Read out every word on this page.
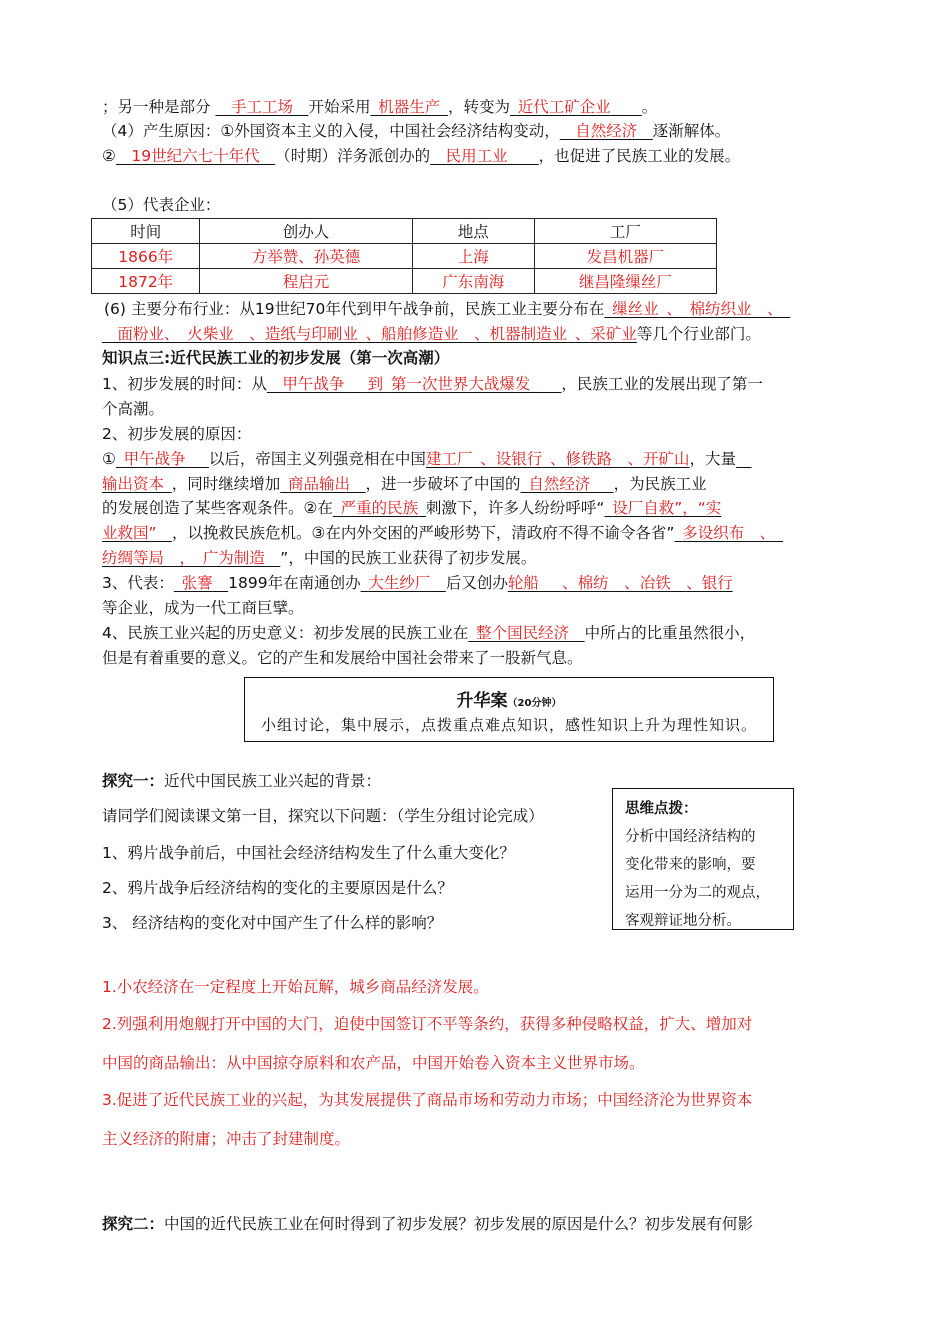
；另一种是部分   手工工场  开始采用  机器生产  ，转变为  近代工矿企业   。
（4）产生原因：①外国资本主义的入侵，中国社会经济结构变动，   自然经济   逐渐解体。
②   19世纪六七十年代   （时期）洋务派创办的  民用工业   ，也促进了民族工业的发展。
（5）代表企业：
时间	创办人	地点	工厂
1866年	方举赞、孙英德	上海	发昌机器厂
1872年	程启元	广东南海	继昌隆缫丝厂
(6) 主要分布行业：从19世纪70年代到甲午战争前，民族工业主要分布在  缫丝业  、  棉纺织业   、 
  面粉业、  火柴业   、造纸与印刷业  、船舶修造业   、机器制造业  、采矿业等几个行业部门。
知识点三:近代民族工业的初步发展（第一次高潮）
1、初步发展的时间：从   甲午战争    到  第一次世界大战爆发   ，民族工业的发展出现了第一
个高潮。
2、初步发展的原因：
①  甲午战争   以后，帝国主义列强竞相在中国建工厂  、设银行  、修铁路   、开矿山，大量  
输出资本  ，同时继续增加  商品输出   ，进一步破坏了中国的  自然经济   ，为民族工业
的发展创造了某些客观条件。②在  严重的民族  刺激下，许多人纷纷呼呼“  设厂自救”，“实
业救国”   ，以挽救民族危机。③在内外交困的严峻形势下，清政府不得不谕令各省”  多设织布   、 
纺绸等局   ，  广为制造   ”，中国的民族工业获得了初步发展。
3、代表：  张謇   1899年在南通创办  大生纱厂   后又创办轮船   、棉纺   、冶铁   、银行
等企业，成为一代工商巨擘。
4、民族工业兴起的历史意义：初步发展的民族工业在  整个国民经济   中所占的比重虽然很小，
但是有着重要的意义。它的产生和发展给中国社会带来了一股新气息。
升华案（20分钟）
小组讨论，集中展示，点拨重点难点知识，感性知识上升为理性知识。
探究一：近代中国民族工业兴起的背景：
请同学们阅读课文第一目，探究以下问题：（学生分组讨论完成）
1、鸦片战争前后，中国社会经济结构发生了什么重大变化？
2、鸦片战争后经济结构的变化的主要原因是什么？
3、 经济结构的变化对中国产生了什么样的影响？
思维点拨：
分析中国经济结构的
变化带来的影响，要
运用一分为二的观点，
客观辩证地分析。
1.小农经济在一定程度上开始瓦解，城乡商品经济发展。
2.列强利用炮舰打开中国的大门，迫使中国签订不平等条约，获得多种侵略权益，扩大、增加对
中国的商品输出：从中国掠夺原料和农产品，中国开始卷入资本主义世界市场。
3.促进了近代民族工业的兴起，为其发展提供了商品市场和劳动力市场；中国经济沦为世界资本
主义经济的附庸；冲击了封建制度。
探究二：中国的近代民族工业在何时得到了初步发展？初步发展的原因是什么？初步发展有何影
